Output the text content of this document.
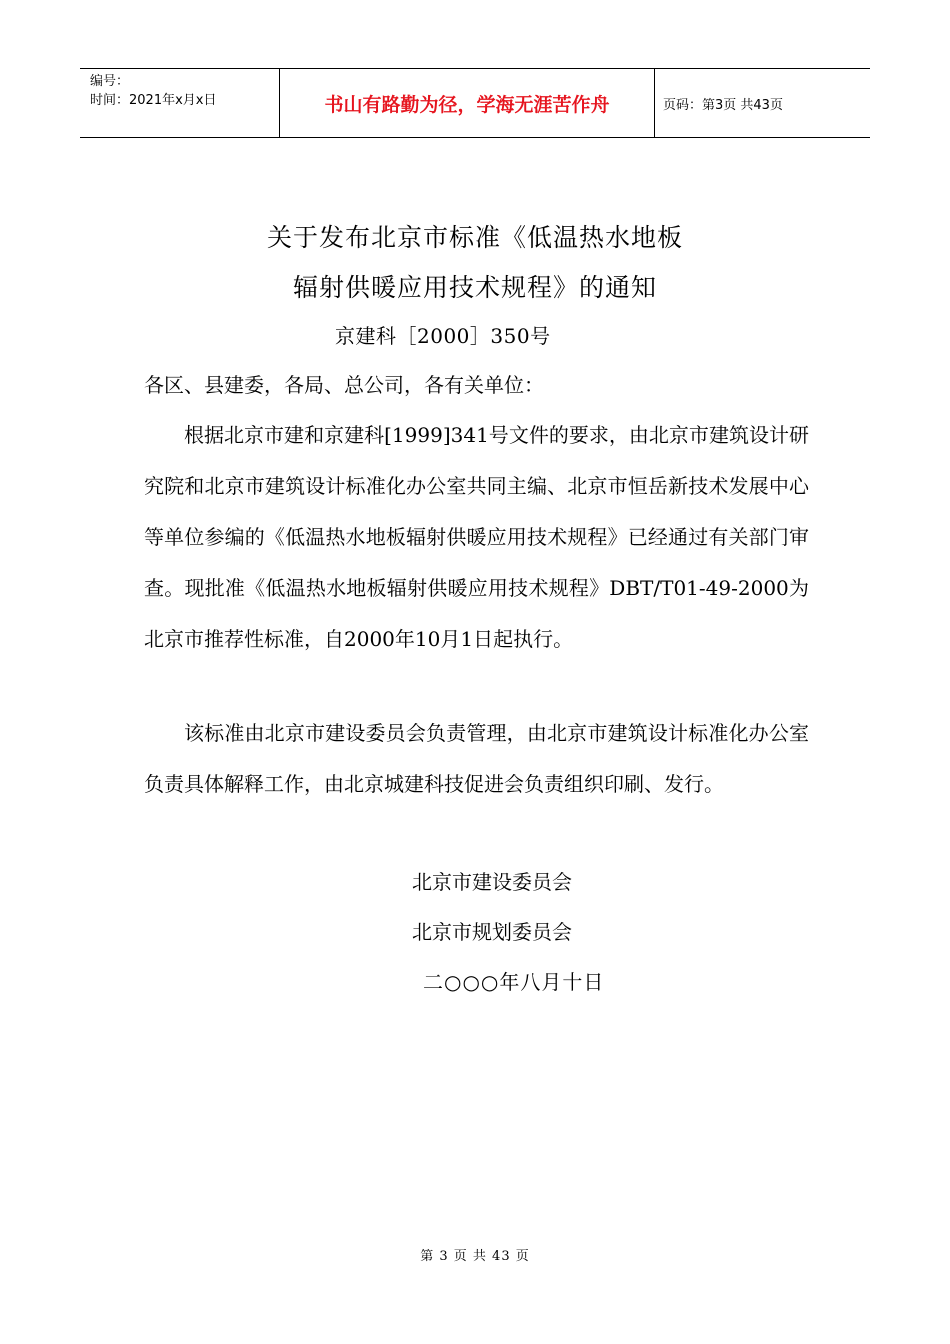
编号：
时间：2021年x月x日	书山有路勤为径，学海无涯苦作舟	页码：第3页 共43页
关于发布北京市标准《低温热水地板
辐射供暖应用技术规程》的通知
京建科［2000］350号
各区、县建委，各局、总公司，各有关单位：
根据北京市建和京建科[1999]341号文件的要求，由北京市建筑设计研究院和北京市建筑设计标准化办公室共同主编、北京市恒岳新技术发展中心等单位参编的《低温热水地板辐射供暖应用技术规程》已经通过有关部门审查。现批准《低温热水地板辐射供暖应用技术规程》DBT/T01-49-2000为北京市推荐性标准，自2000年10月1日起执行。
该标准由北京市建设委员会负责管理，由北京市建筑设计标准化办公室负责具体解释工作，由北京城建科技促进会负责组织印刷、发行。
北京市建设委员会
北京市规划委员会
二○○○年八月十日
第 3 页 共 43 页
